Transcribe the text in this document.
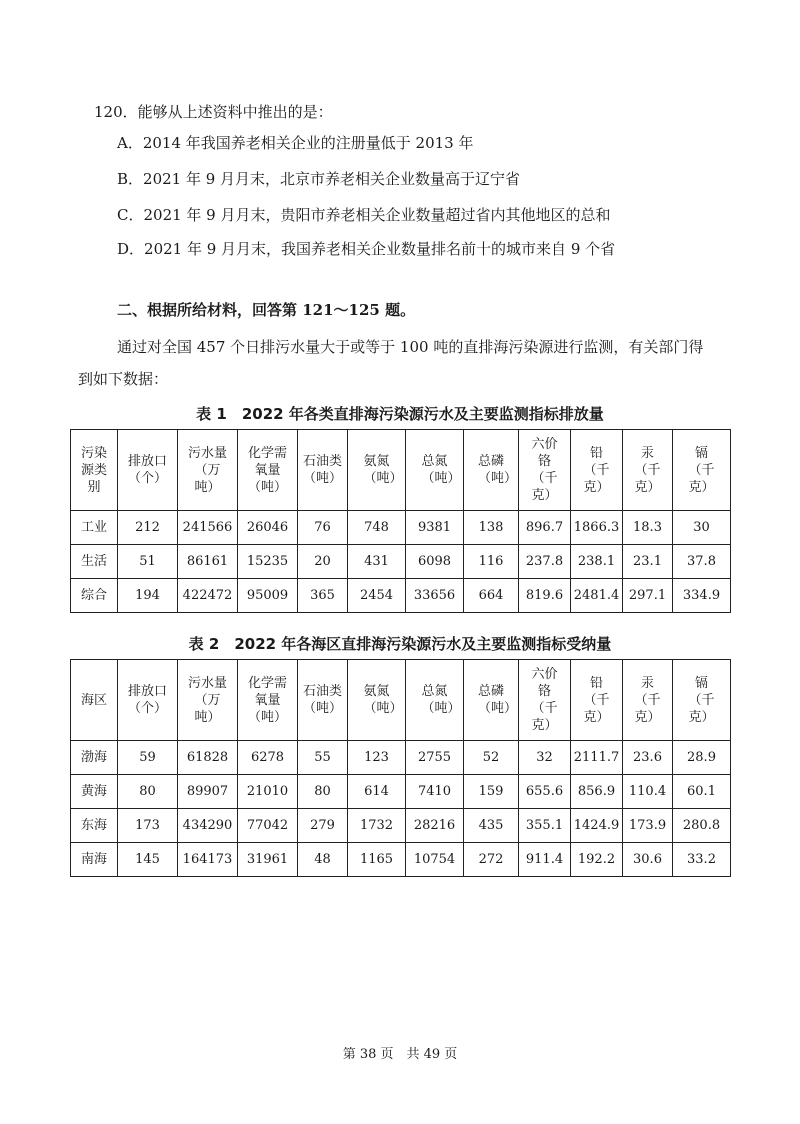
120．能够从上述资料中推出的是：
A．2014 年我国养老相关企业的注册量低于 2013 年
B．2021 年 9 月月末，北京市养老相关企业数量高于辽宁省
C．2021 年 9 月月末，贵阳市养老相关企业数量超过省内其他地区的总和
D．2021 年 9 月月末，我国养老相关企业数量排名前十的城市来自 9 个省
二、根据所给材料，回答第 121～125 题。
通过对全国 457 个日排污水量大于或等于 100 吨的直排海污染源进行监测，有关部门得
到如下数据：
表 1　2022 年各类直排海污染源污水及主要监测指标排放量
污染源类别	排放口（个）	污水量（万吨）	化学需氧量（吨）	石油类（吨）	氨氮（吨）	总氮（吨）	总磷（吨）	六价铬（千克）	铅（千克）	汞（千克）	镉（千克）
工业	212	241566	26046	76	748	9381	138	896.7	1866.3	18.3	30
生活	51	86161	15235	20	431	6098	116	237.8	238.1	23.1	37.8
综合	194	422472	95009	365	2454	33656	664	819.6	2481.4	297.1	334.9
表 2　2022 年各海区直排海污染源污水及主要监测指标受纳量
海区	排放口（个）	污水量（万吨）	化学需氧量（吨）	石油类（吨）	氨氮（吨）	总氮（吨）	总磷（吨）	六价铬（千克）	铅（千克）	汞（千克）	镉（千克）
渤海	59	61828	6278	55	123	2755	52	32	2111.7	23.6	28.9
黄海	80	89907	21010	80	614	7410	159	655.6	856.9	110.4	60.1
东海	173	434290	77042	279	1732	28216	435	355.1	1424.9	173.9	280.8
南海	145	164173	31961	48	1165	10754	272	911.4	192.2	30.6	33.2
第 38 页　共 49 页
